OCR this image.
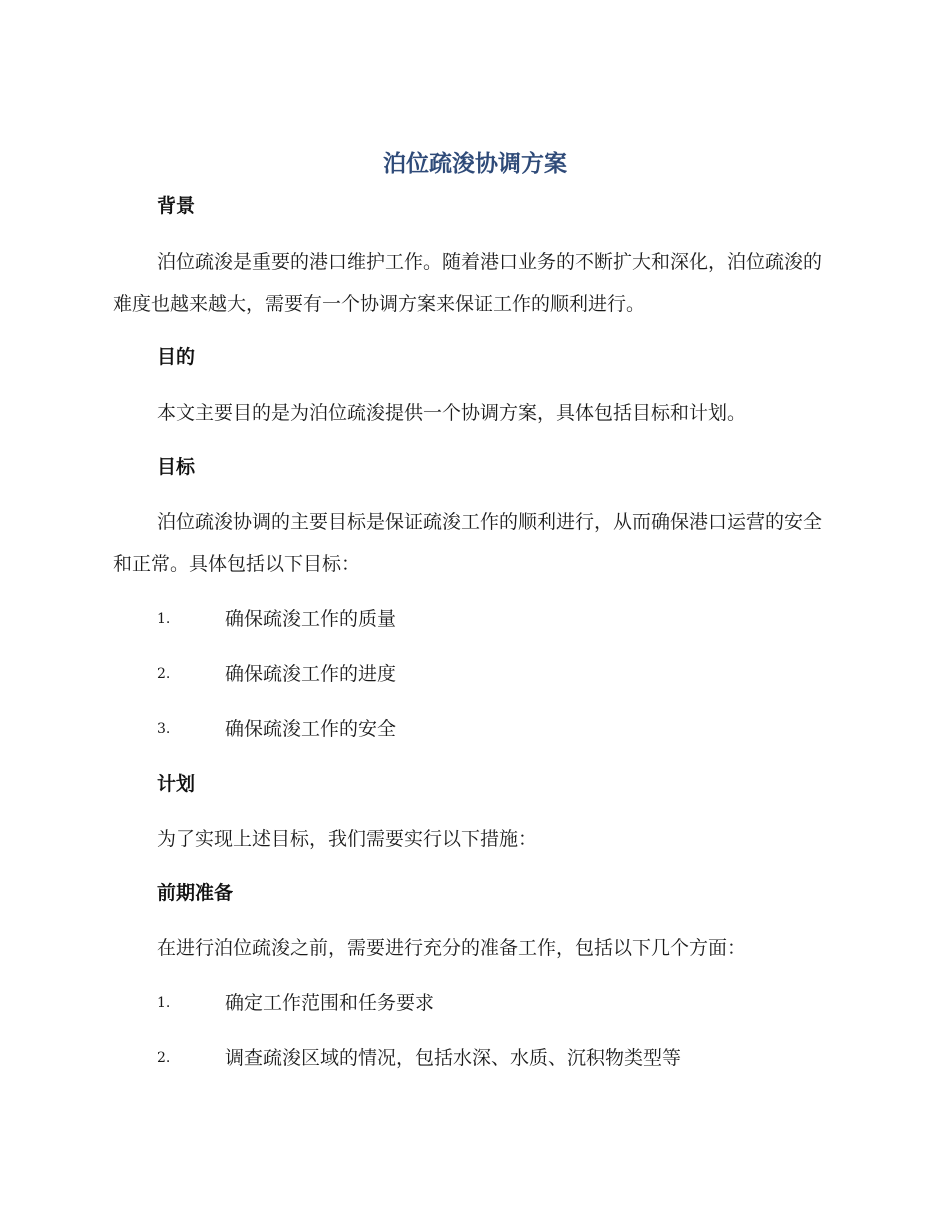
泊位疏浚协调方案
背景
泊位疏浚是重要的港口维护工作。随着港口业务的不断扩大和深化，泊位疏浚的难度也越来越大，需要有一个协调方案来保证工作的顺利进行。
目的
本文主要目的是为泊位疏浚提供一个协调方案，具体包括目标和计划。
目标
泊位疏浚协调的主要目标是保证疏浚工作的顺利进行，从而确保港口运营的安全和正常。具体包括以下目标：
1.	确保疏浚工作的质量
2.	确保疏浚工作的进度
3.	确保疏浚工作的安全
计划
为了实现上述目标，我们需要实行以下措施：
前期准备
在进行泊位疏浚之前，需要进行充分的准备工作，包括以下几个方面：
1.	确定工作范围和任务要求
2.	调查疏浚区域的情况，包括水深、水质、沉积物类型等
